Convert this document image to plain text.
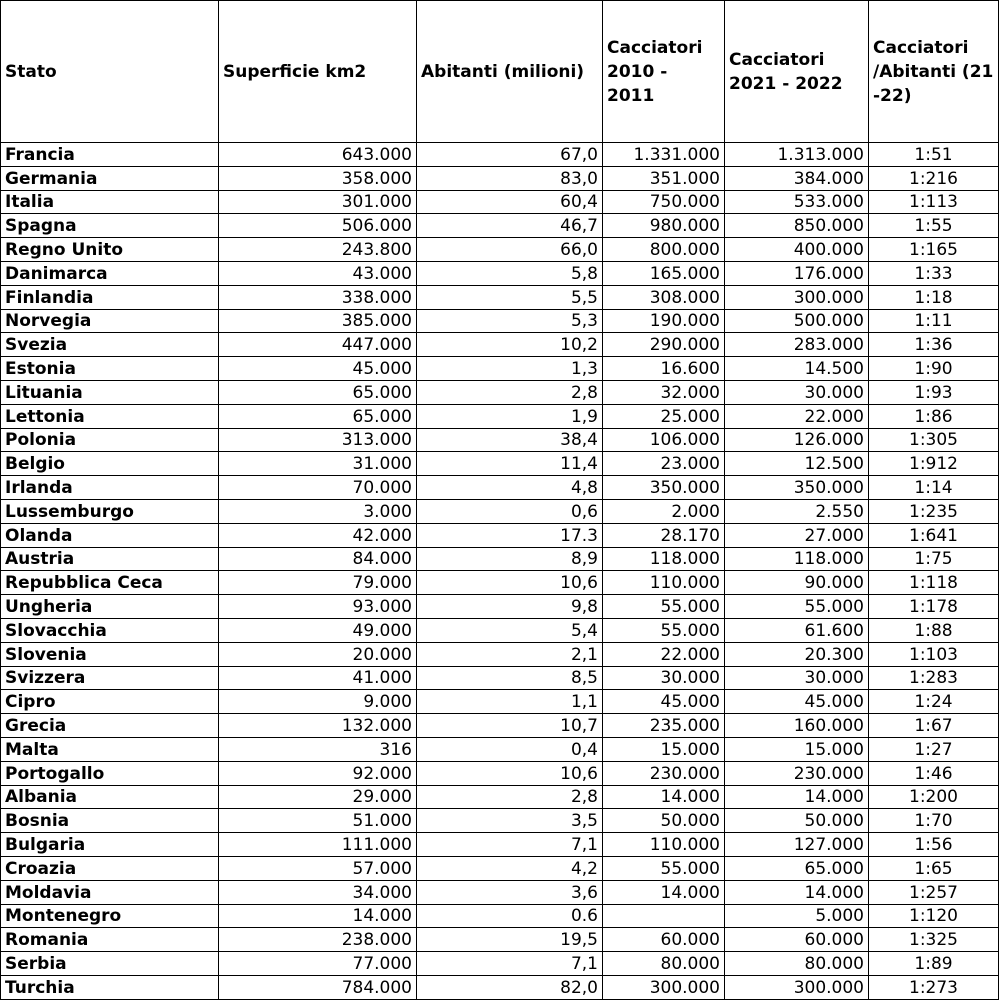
Stato	Superficie km2	Abitanti (milioni)	Cacciatori 2010 - 2011	Cacciatori 2021 - 2022	Cacciatori /Abitanti (21 -22)
Francia	643.000	67,0	1.331.000	1.313.000	1:51
Germania	358.000	83,0	351.000	384.000	1:216
Italia	301.000	60,4	750.000	533.000	1:113
Spagna	506.000	46,7	980.000	850.000	1:55
Regno Unito	243.800	66,0	800.000	400.000	1:165
Danimarca	43.000	5,8	165.000	176.000	1:33
Finlandia	338.000	5,5	308.000	300.000	1:18
Norvegia	385.000	5,3	190.000	500.000	1:11
Svezia	447.000	10,2	290.000	283.000	1:36
Estonia	45.000	1,3	16.600	14.500	1:90
Lituania	65.000	2,8	32.000	30.000	1:93
Lettonia	65.000	1,9	25.000	22.000	1:86
Polonia	313.000	38,4	106.000	126.000	1:305
Belgio	31.000	11,4	23.000	12.500	1:912
Irlanda	70.000	4,8	350.000	350.000	1:14
Lussemburgo	3.000	0,6	2.000	2.550	1:235
Olanda	42.000	17.3	28.170	27.000	1:641
Austria	84.000	8,9	118.000	118.000	1:75
Repubblica Ceca	79.000	10,6	110.000	90.000	1:118
Ungheria	93.000	9,8	55.000	55.000	1:178
Slovacchia	49.000	5,4	55.000	61.600	1:88
Slovenia	20.000	2,1	22.000	20.300	1:103
Svizzera	41.000	8,5	30.000	30.000	1:283
Cipro	9.000	1,1	45.000	45.000	1:24
Grecia	132.000	10,7	235.000	160.000	1:67
Malta	316	0,4	15.000	15.000	1:27
Portogallo	92.000	10,6	230.000	230.000	1:46
Albania	29.000	2,8	14.000	14.000	1:200
Bosnia	51.000	3,5	50.000	50.000	1:70
Bulgaria	111.000	7,1	110.000	127.000	1:56
Croazia	57.000	4,2	55.000	65.000	1:65
Moldavia	34.000	3,6	14.000	14.000	1:257
Montenegro	14.000	0.6		5.000	1:120
Romania	238.000	19,5	60.000	60.000	1:325
Serbia	77.000	7,1	80.000	80.000	1:89
Turchia	784.000	82,0	300.000	300.000	1:273
